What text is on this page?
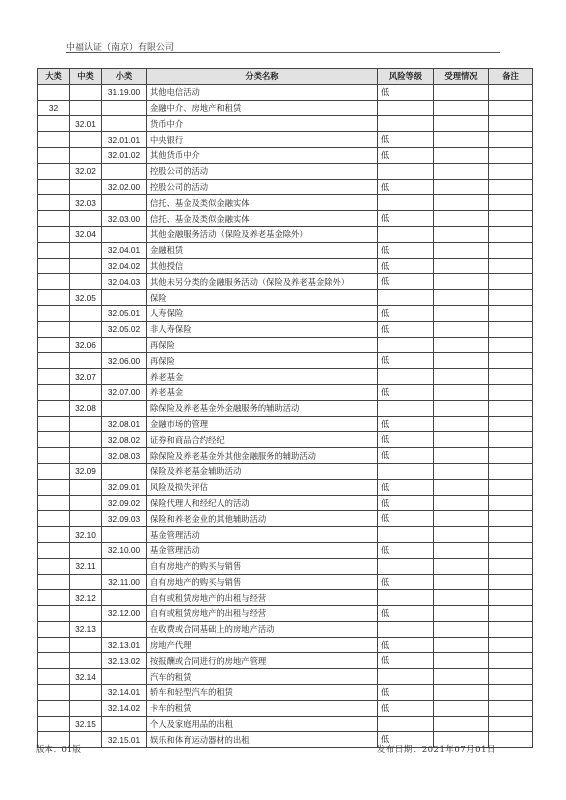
中福认证（南京）有限公司
大类	中类	小类	分类名称	风险等级	受理情况	备注
		31.19.00	其他电信活动	低		
32			金融中介、房地产和租赁			
	32.01		货币中介			
		32.01.01	中央银行	低		
		32.01.02	其他货币中介	低		
	32.02		控股公司的活动			
		32.02.00	控股公司的活动	低		
	32.03		信托、基金及类似金融实体			
		32.03.00	信托、基金及类似金融实体	低		
	32.04		其他金融服务活动（保险及养老基金除外）			
		32.04.01	金融租赁	低		
		32.04.02	其他授信	低		
		32.04.03	其他未另分类的金融服务活动（保险及养老基金除外）	低		
	32.05		保险			
		32.05.01	人寿保险	低		
		32.05.02	非人寿保险	低		
	32.06		再保险			
		32.06.00	再保险	低		
	32.07		养老基金			
		32.07.00	养老基金	低		
	32.08		除保险及养老基金外金融服务的辅助活动			
		32.08.01	金融市场的管理	低		
		32.08.02	证券和商品合约经纪	低		
		32.08.03	除保险及养老基金外其他金融服务的辅助活动	低		
	32.09		保险及养老基金辅助活动			
		32.09.01	风险及损失评估	低		
		32.09.02	保险代理人和经纪人的活动	低		
		32.09.03	保险和养老金业的其他辅助活动	低		
	32.10		基金管理活动			
		32.10.00	基金管理活动	低		
	32.11		自有房地产的购买与销售			
		32.11.00	自有房地产的购买与销售	低		
	32.12		自有或租赁房地产的出租与经营			
		32.12.00	自有或租赁房地产的出租与经营	低		
	32.13		在收费或合同基础上的房地产活动			
		32.13.01	房地产代理	低		
		32.13.02	按报酬或合同进行的房地产管理	低		
	32.14		汽车的租赁			
		32.14.01	轿车和轻型汽车的租赁	低		
		32.14.02	卡车的租赁	低		
	32.15		个人及家庭用品的出租			
		32.15.01	娱乐和体育运动器材的出租	低		
版本：01版	发布日期：2021年07月01日
